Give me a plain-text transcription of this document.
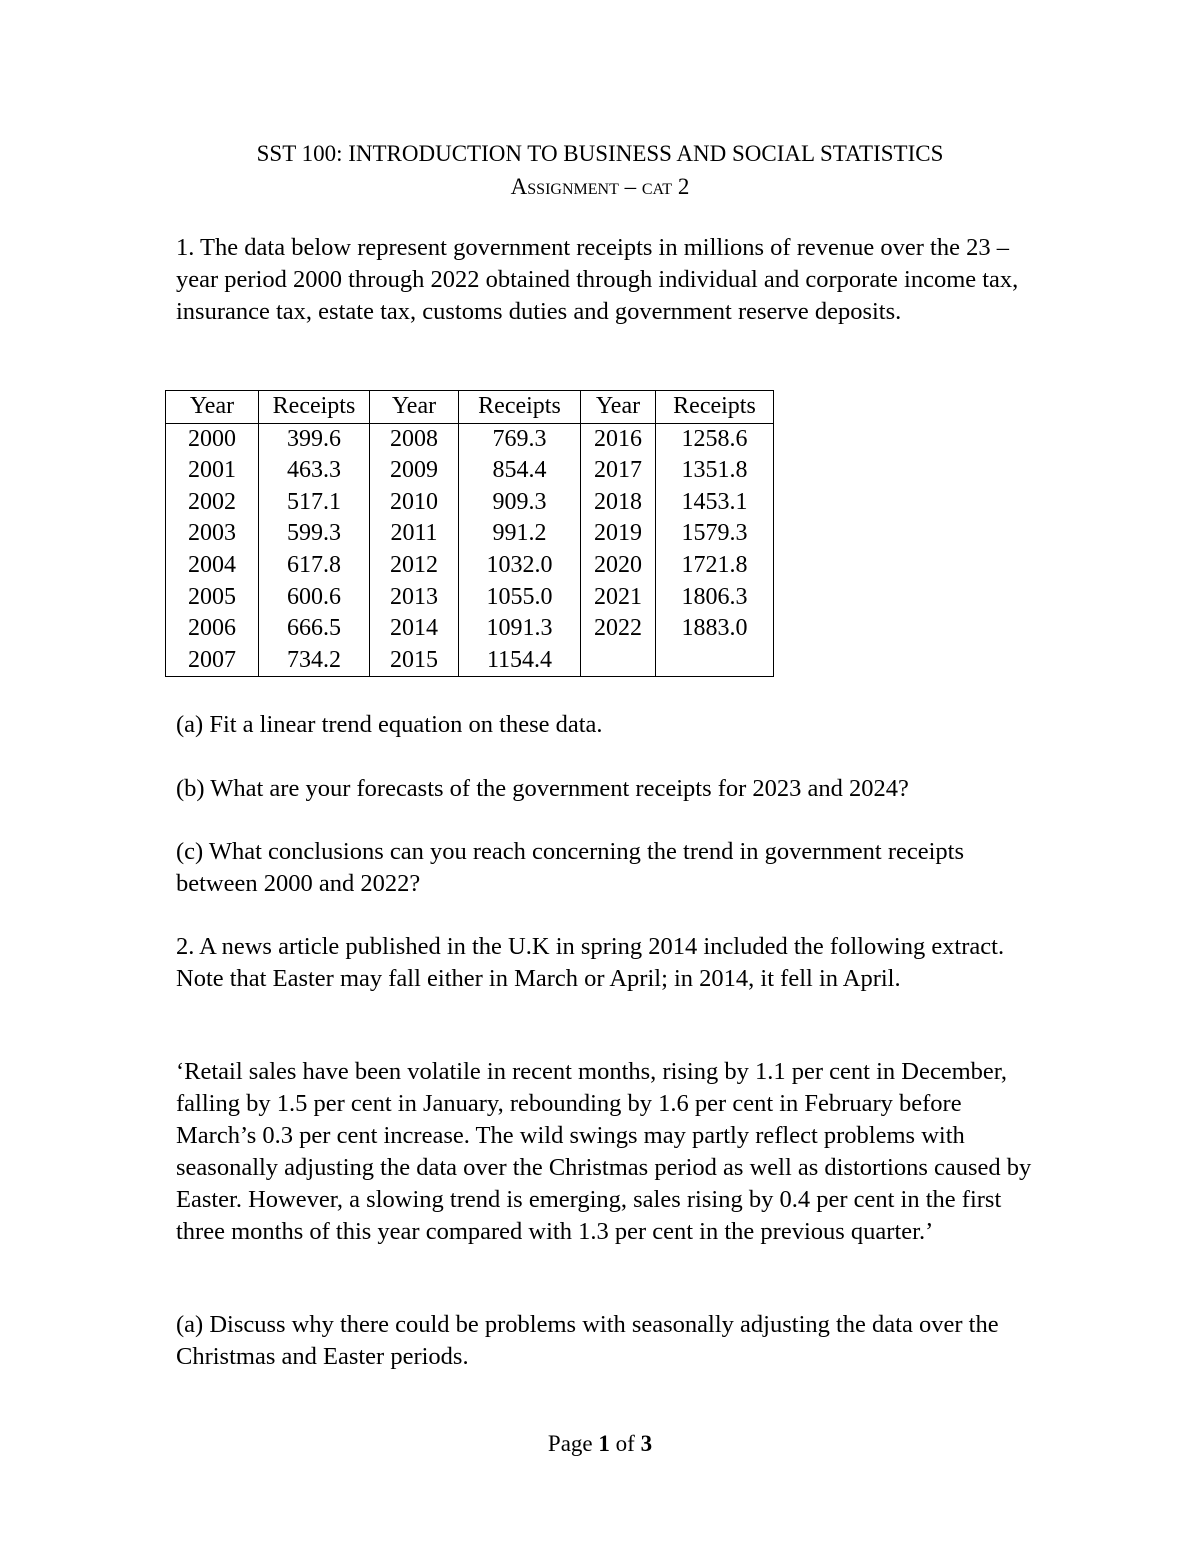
SST 100: INTRODUCTION TO BUSINESS AND SOCIAL STATISTICS
Assignment – cat 2

1. The data below represent government receipts in millions of revenue over the 23 – year period 2000 through 2022 obtained through individual and corporate income tax, insurance tax, estate tax, customs duties and government reserve deposits.

Year	Receipts	Year	Receipts	Year	Receipts
2000	399.6	2008	769.3	2016	1258.6
2001	463.3	2009	854.4	2017	1351.8
2002	517.1	2010	909.3	2018	1453.1
2003	599.3	2011	991.2	2019	1579.3
2004	617.8	2012	1032.0	2020	1721.8
2005	600.6	2013	1055.0	2021	1806.3
2006	666.5	2014	1091.3	2022	1883.0
2007	734.2	2015	1154.4		

(a) Fit a linear trend equation on these data.

(b) What are your forecasts of the government receipts for 2023 and 2024?

(c) What conclusions can you reach concerning the trend in government receipts between 2000 and 2022?

2. A news article published in the U.K in spring 2014 included the following extract. Note that Easter may fall either in March or April; in 2014, it fell in April.

‘Retail sales have been volatile in recent months, rising by 1.1 per cent in December, falling by 1.5 per cent in January, rebounding by 1.6 per cent in February before March’s 0.3 per cent increase. The wild swings may partly reflect problems with seasonally adjusting the data over the Christmas period as well as distortions caused by Easter. However, a slowing trend is emerging, sales rising by 0.4 per cent in the first three months of this year compared with 1.3 per cent in the previous quarter.’

(a) Discuss why there could be problems with seasonally adjusting the data over the Christmas and Easter periods.

Page 1 of 3
